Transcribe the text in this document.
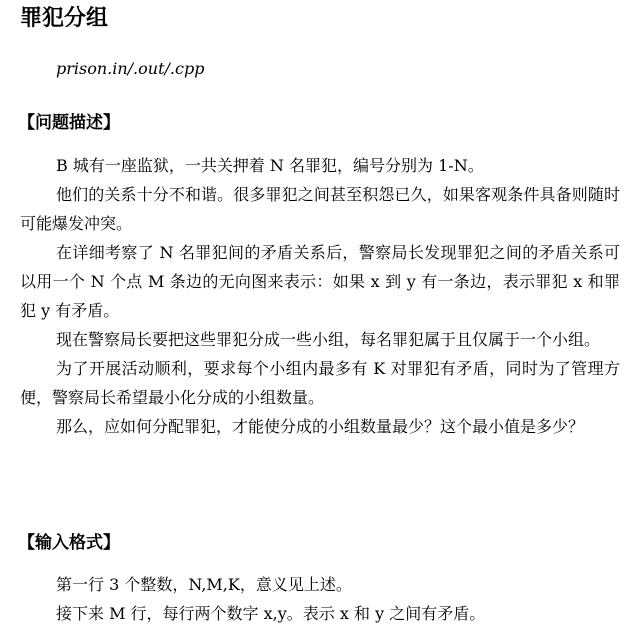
罪犯分组
prison.in/.out/.cpp
【问题描述】

B 城有一座监狱，一共关押着 N 名罪犯，编号分别为 1-N。

他们的关系十分不和谐。很多罪犯之间甚至积怨已久，如果客观条件具备则随时可能爆发冲突。

在详细考察了 N 名罪犯间的矛盾关系后，警察局长发现罪犯之间的矛盾关系可以用一个 N 个点 M 条边的无向图来表示：如果 x 到 y 有一条边，表示罪犯 x 和罪犯 y 有矛盾。

现在警察局长要把这些罪犯分成一些小组，每名罪犯属于且仅属于一个小组。

为了开展活动顺利，要求每个小组内最多有 K 对罪犯有矛盾，同时为了管理方便，警察局长希望最小化分成的小组数量。

那么，应如何分配罪犯，才能使分成的小组数量最少？这个最小值是多少？

【输入格式】

第一行 3 个整数，N,M,K，意义见上述。

接下来 M 行，每行两个数字 x,y。表示 x 和 y 之间有矛盾。
